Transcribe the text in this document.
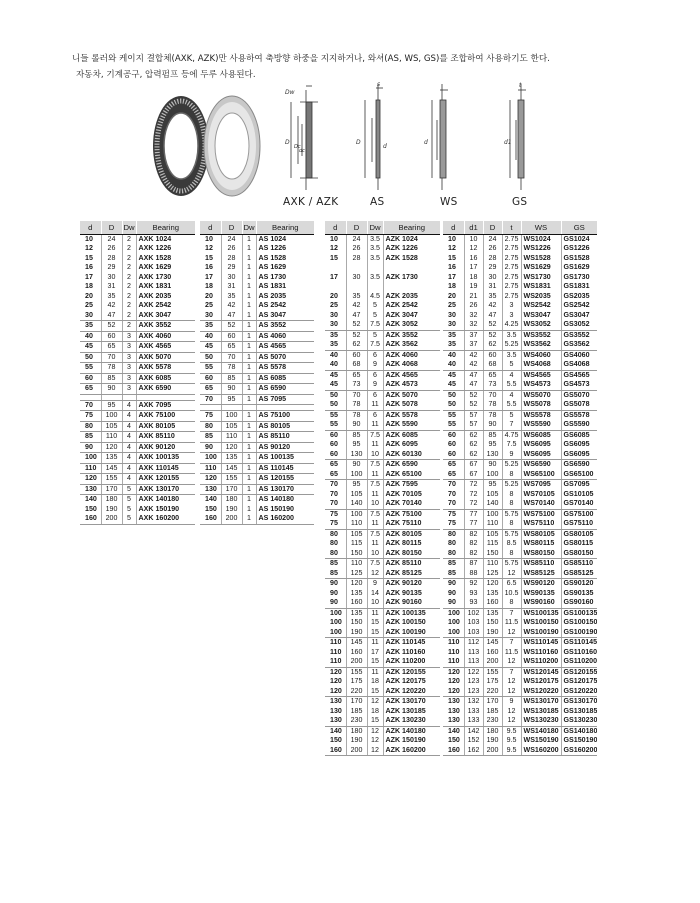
니들 롤러와 케이지 결합체(AXK, AZK)만 사용하여 축방향 하중을 지지하거나, 와셔(AS, WS, GS)를 조합하여 사용하기도 한다.
자동차, 기계공구, 압력펌프 등에 두루 사용된다.
Dw
D
Dc
dc
D
d
s
d	d1
t
AXK / AZK	AS	WS	GS
d	D	Dw	Bearing
10	24	2	AXK 1024
12	26	2	AXK 1226
15	28	2	AXK 1528
16	29	2	AXK 1629
17	30	2	AXK 1730
18	31	2	AXK 1831
20	35	2	AXK 2035
25	42	2	AXK 2542
30	47	2	AXK 3047
35	52	2	AXK 3552
40	60	3	AXK 4060
45	65	3	AXK 4565
50	70	3	AXK 5070
55	78	3	AXK 5578
60	85	3	AXK 6085
65	90	3	AXK 6590

70	95	4	AXK 7095
75	100	4	AXK 75100
80	105	4	AXK 80105
85	110	4	AXK 85110
90	120	4	AXK 90120
100	135	4	AXK 100135
110	145	4	AXK 110145
120	155	4	AXK 120155
130	170	5	AXK 130170
140	180	5	AXK 140180
150	190	5	AXK 150190
160	200	5	AXK 160200
d	D	Dw	Bearing
10	24	1	AS 1024
12	26	1	AS 1226
15	28	1	AS 1528
16	29	1	AS 1629
17	30	1	AS 1730
18	31	1	AS 1831
20	35	1	AS 2035
25	42	1	AS 2542
30	47	1	AS 3047
35	52	1	AS 3552
40	60	1	AS 4060
45	65	1	AS 4565
50	70	1	AS 5070
55	78	1	AS 5578
60	85	1	AS 6085
65	90	1	AS 6590
70	95	1	AS 7095

75	100	1	AS 75100
80	105	1	AS 80105
85	110	1	AS 85110
90	120	1	AS 90120
100	135	1	AS 100135
110	145	1	AS 110145
120	155	1	AS 120155
130	170	1	AS 130170
140	180	1	AS 140180
150	190	1	AS 150190
160	200	1	AS 160200
d	D	Dw	Bearing
10	24	3.5	AZK 1024
12	26	3.5	AZK 1226
15	28	3.5	AZK 1528

17	30	3.5	AZK 1730

20	35	4.5	AZK 2035
25	42	5	AZK 2542
30	47	5	AZK 3047
30	52	7.5	AZK 3052
35	52	5	AZK 3552
35	62	7.5	AZK 3562
40	60	6	AZK 4060
40	68	9	AZK 4068
45	65	6	AZK 4565
45	73	9	AZK 4573
50	70	6	AZK 5070
50	78	11	AZK 5078
55	78	6	AZK 5578
55	90	11	AZK 5590
60	85	7.5	AZK 6085
60	95	11	AZK 6095
60	130	10	AZK 60130
65	90	7.5	AZK 6590
65	100	11	AZK 65100
70	95	7.5	AZK 7595
70	105	11	AZK 70105
70	140	10	AZK 70140
75	100	7.5	AZK 75100
75	110	11	AZK 75110
80	105	7.5	AZK 80105
80	115	11	AZK 80115
80	150	10	AZK 80150
85	110	7.5	AZK 85110
85	125	12	AZK 85125
90	120	9	AZK 90120
90	135	14	AZK 90135
90	160	10	AZK 90160
100	135	11	AZK 100135
100	150	15	AZK 100150
100	190	15	AZK 100190
110	145	11	AZK 110145
110	160	17	AZK 110160
110	200	15	AZK 110200
120	155	11	AZK 120155
120	175	18	AZK 120175
120	220	15	AZK 120220
130	170	12	AZK 130170
130	185	18	AZK 130185
130	230	15	AZK 130230
140	180	12	AZK 140180
150	190	12	AZK 150190
160	200	12	AZK 160200
d	d1	D	t	WS	GS
10	10	24	2.75	WS1024	GS1024
12	12	26	2.75	WS1226	GS1226
15	16	28	2.75	WS1528	GS1528
16	17	29	2.75	WS1629	GS1629
17	18	30	2.75	WS1730	GS1730
18	19	31	2.75	WS1831	GS1831
20	21	35	2.75	WS2035	GS2035
25	26	42	3	WS2542	GS2542
30	32	47	3	WS3047	GS3047
30	32	52	4.25	WS3052	GS3052
35	37	52	3.5	WS3552	GS3552
35	37	62	5.25	WS3562	GS3562
40	42	60	3.5	WS4060	GS4060
40	42	68	5	WS4068	GS4068
45	47	65	4	WS4565	GS4565
45	47	73	5.5	WS4573	GS4573
50	52	70	4	WS5070	GS5070
50	52	78	5.5	WS5078	GS5078
55	57	78	5	WS5578	GS5578
55	57	90	7	WS5590	GS5590
60	62	85	4.75	WS6085	GS6085
60	62	95	7.5	WS6095	GS6095
60	62	130	9	WS6095	GS6095
65	67	90	5.25	WS6590	GS6590
65	67	100	8	WS65100	GS65100
70	72	95	5.25	WS7095	GS7095
70	72	105	8	WS70105	GS10105
70	72	140	8	WS70140	GS70140
75	77	100	5.75	WS75100	GS75100
75	77	110	8	WS75110	GS75110
80	82	105	5.75	WS80105	GS80105
80	82	115	8.5	WS80115	GS80115
80	82	150	8	WS80150	GS80150
85	87	110	5.75	WS85110	GS85110
85	88	125	12	WS85125	GS85125
90	92	120	6.5	WS90120	GS90120
90	93	135	10.5	WS90135	GS90135
90	93	160	8	WS90160	GS90160
100	102	135	7	WS100135	GS100135
100	103	150	11.5	WS100150	GS100150
100	103	190	12	WS100190	GS100190
110	112	145	7	WS110145	GS110145
110	113	160	11.5	WS110160	GS110160
110	113	200	12	WS110200	GS110200
120	122	155	7	WS120145	GS120155
120	123	175	12	WS120175	GS120175
120	123	220	12	WS120220	GS120220
130	132	170	9	WS130170	GS130170
130	133	185	12	WS130185	GS130185
130	133	230	12	WS130230	GS130230
140	142	180	9.5	WS140180	GS140180
150	152	190	9.5	WS150190	GS150190
160	162	200	9.5	WS160200	GS160200
